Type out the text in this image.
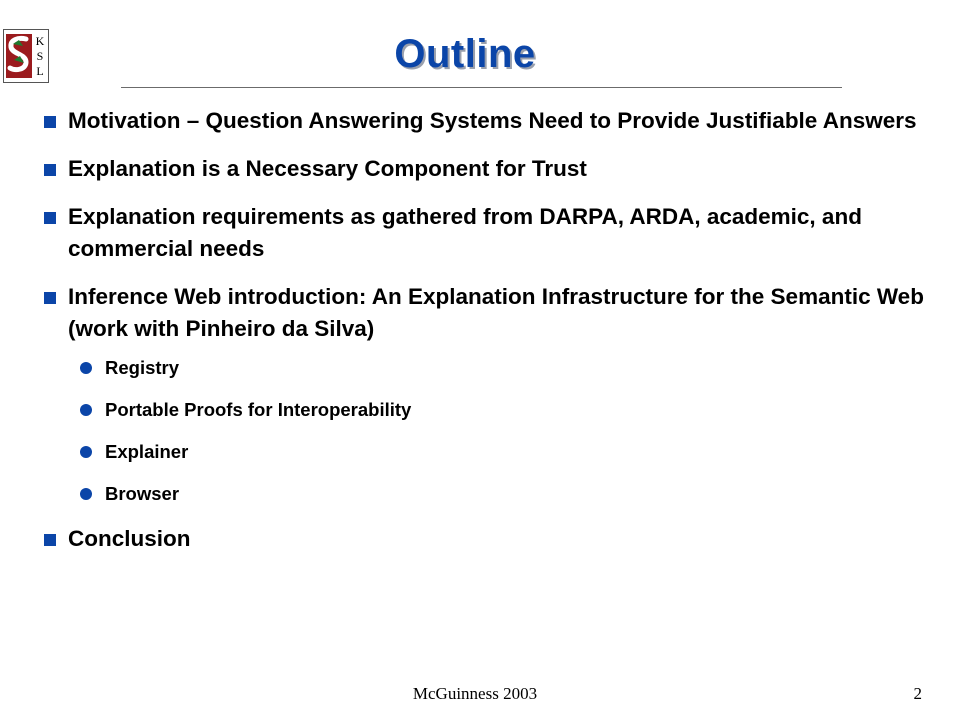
K
S
L	Outline
Motivation – Question Answering Systems Need to Provide Justifiable Answers
Explanation is a Necessary Component for Trust
Explanation requirements as gathered from DARPA, ARDA, academic, and commercial needs
Inference Web introduction: An Explanation Infrastructure for the Semantic Web (work with Pinheiro da Silva)
Registry
Portable Proofs for Interoperability
Explainer
Browser
Conclusion
McGuinness 2003	2
